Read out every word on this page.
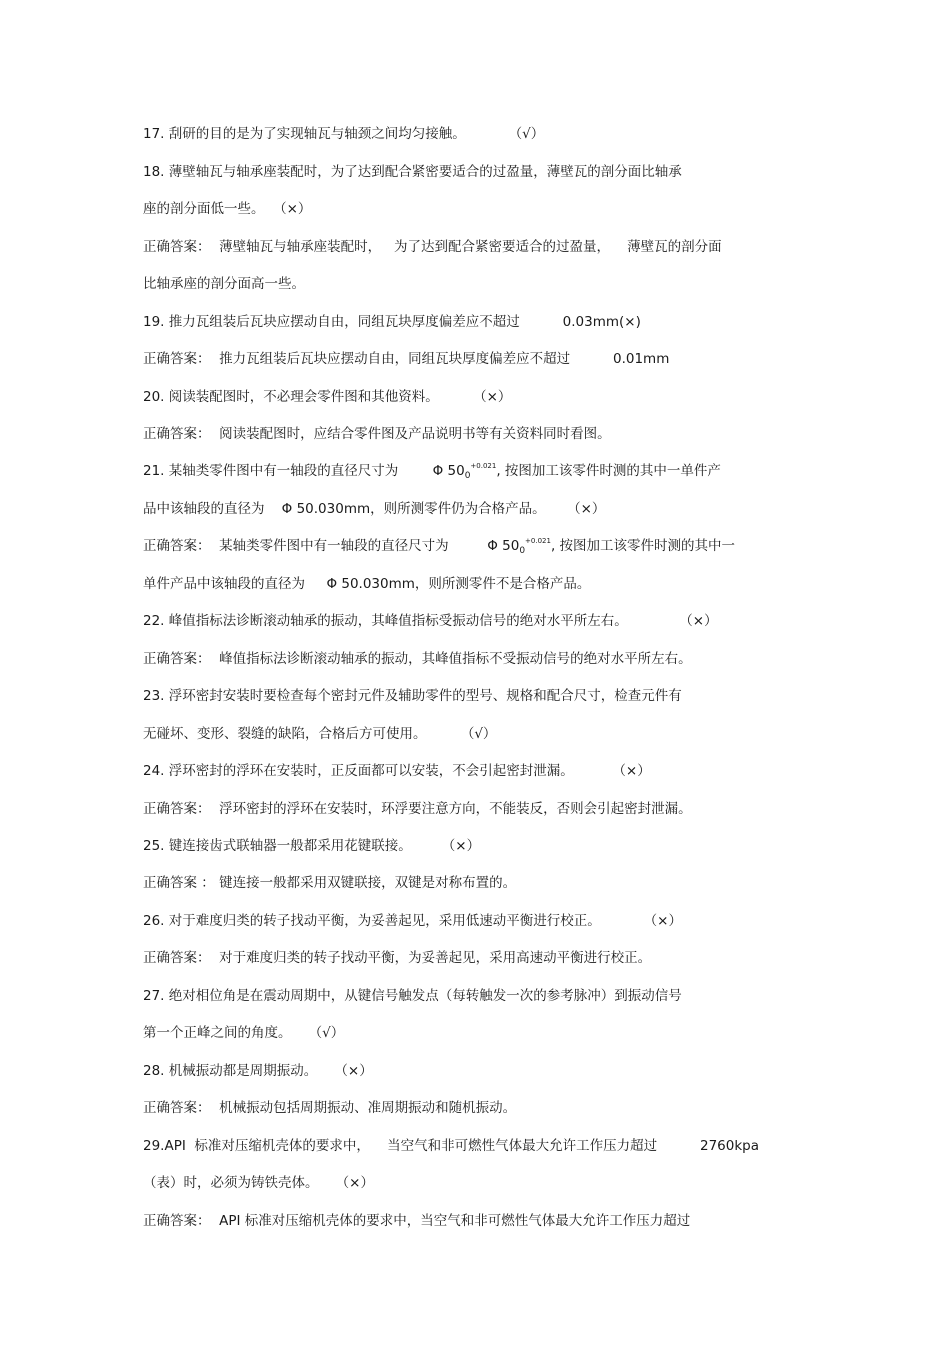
17. 刮研的目的是为了实现轴瓦与轴颈之间均匀接触。          （√）
18. 薄壁轴瓦与轴承座装配时，为了达到配合紧密要适合的过盈量，薄壁瓦的剖分面比轴承
座的剖分面低一些。  （×）
正确答案：  薄壁轴瓦与轴承座装配时，   为了达到配合紧密要适合的过盈量，    薄壁瓦的剖分面
比轴承座的剖分面高一些。
19. 推力瓦组装后瓦块应摆动自由，同组瓦块厚度偏差应不超过          0.03mm(×)
正确答案：  推力瓦组装后瓦块应摆动自由，同组瓦块厚度偏差应不超过          0.01mm
20. 阅读装配图时，不必理会零件图和其他资料。        （×）
正确答案：  阅读装配图时，应结合零件图及产品说明书等有关资料同时看图。
21. 某轴类零件图中有一轴段的直径尺寸为        Φ $50_0^{+0.021}$, 按图加工该零件时测的其中一单件产
品中该轴段的直径为    Φ 50.030mm，则所测零件仍为合格产品。     （×）
正确答案：  某轴类零件图中有一轴段的直径尺寸为         Φ $50_0^{+0.021}$, 按图加工该零件时测的其中一
单件产品中该轴段的直径为     Φ 50.030mm，则所测零件不是合格产品。
22. 峰值指标法诊断滚动轴承的振动，其峰值指标受振动信号的绝对水平所左右。            （×）
正确答案：  峰值指标法诊断滚动轴承的振动，其峰值指标不受振动信号的绝对水平所左右。
23. 浮环密封安装时要检查每个密封元件及辅助零件的型号、规格和配合尺寸，检查元件有
无碰坏、变形、裂缝的缺陷，合格后方可使用。        （√）
24. 浮环密封的浮环在安装时，正反面都可以安装，不会引起密封泄漏。         （×）
正确答案：  浮环密封的浮环在安装时，环浮要注意方向，不能装反，否则会引起密封泄漏。
25. 键连接齿式联轴器一般都采用花键联接。       （×）
正确答案 ： 键连接一般都采用双键联接，双键是对称布置的。
26. 对于难度归类的转子找动平衡，为妥善起见，采用低速动平衡进行校正。          （×）
正确答案：  对于难度归类的转子找动平衡，为妥善起见，采用高速动平衡进行校正。
27. 绝对相位角是在震动周期中，从键信号触发点（每转触发一次的参考脉冲）到振动信号
第一个正峰之间的角度。    （√）
28. 机械振动都是周期振动。    （×）
正确答案：  机械振动包括周期振动、准周期振动和随机振动。
29.API  标准对压缩机壳体的要求中，    当空气和非可燃性气体最大允许工作压力超过          2760kpa
（表）时，必须为铸铁壳体。    （×）
正确答案：  API 标准对压缩机壳体的要求中，当空气和非可燃性气体最大允许工作压力超过
